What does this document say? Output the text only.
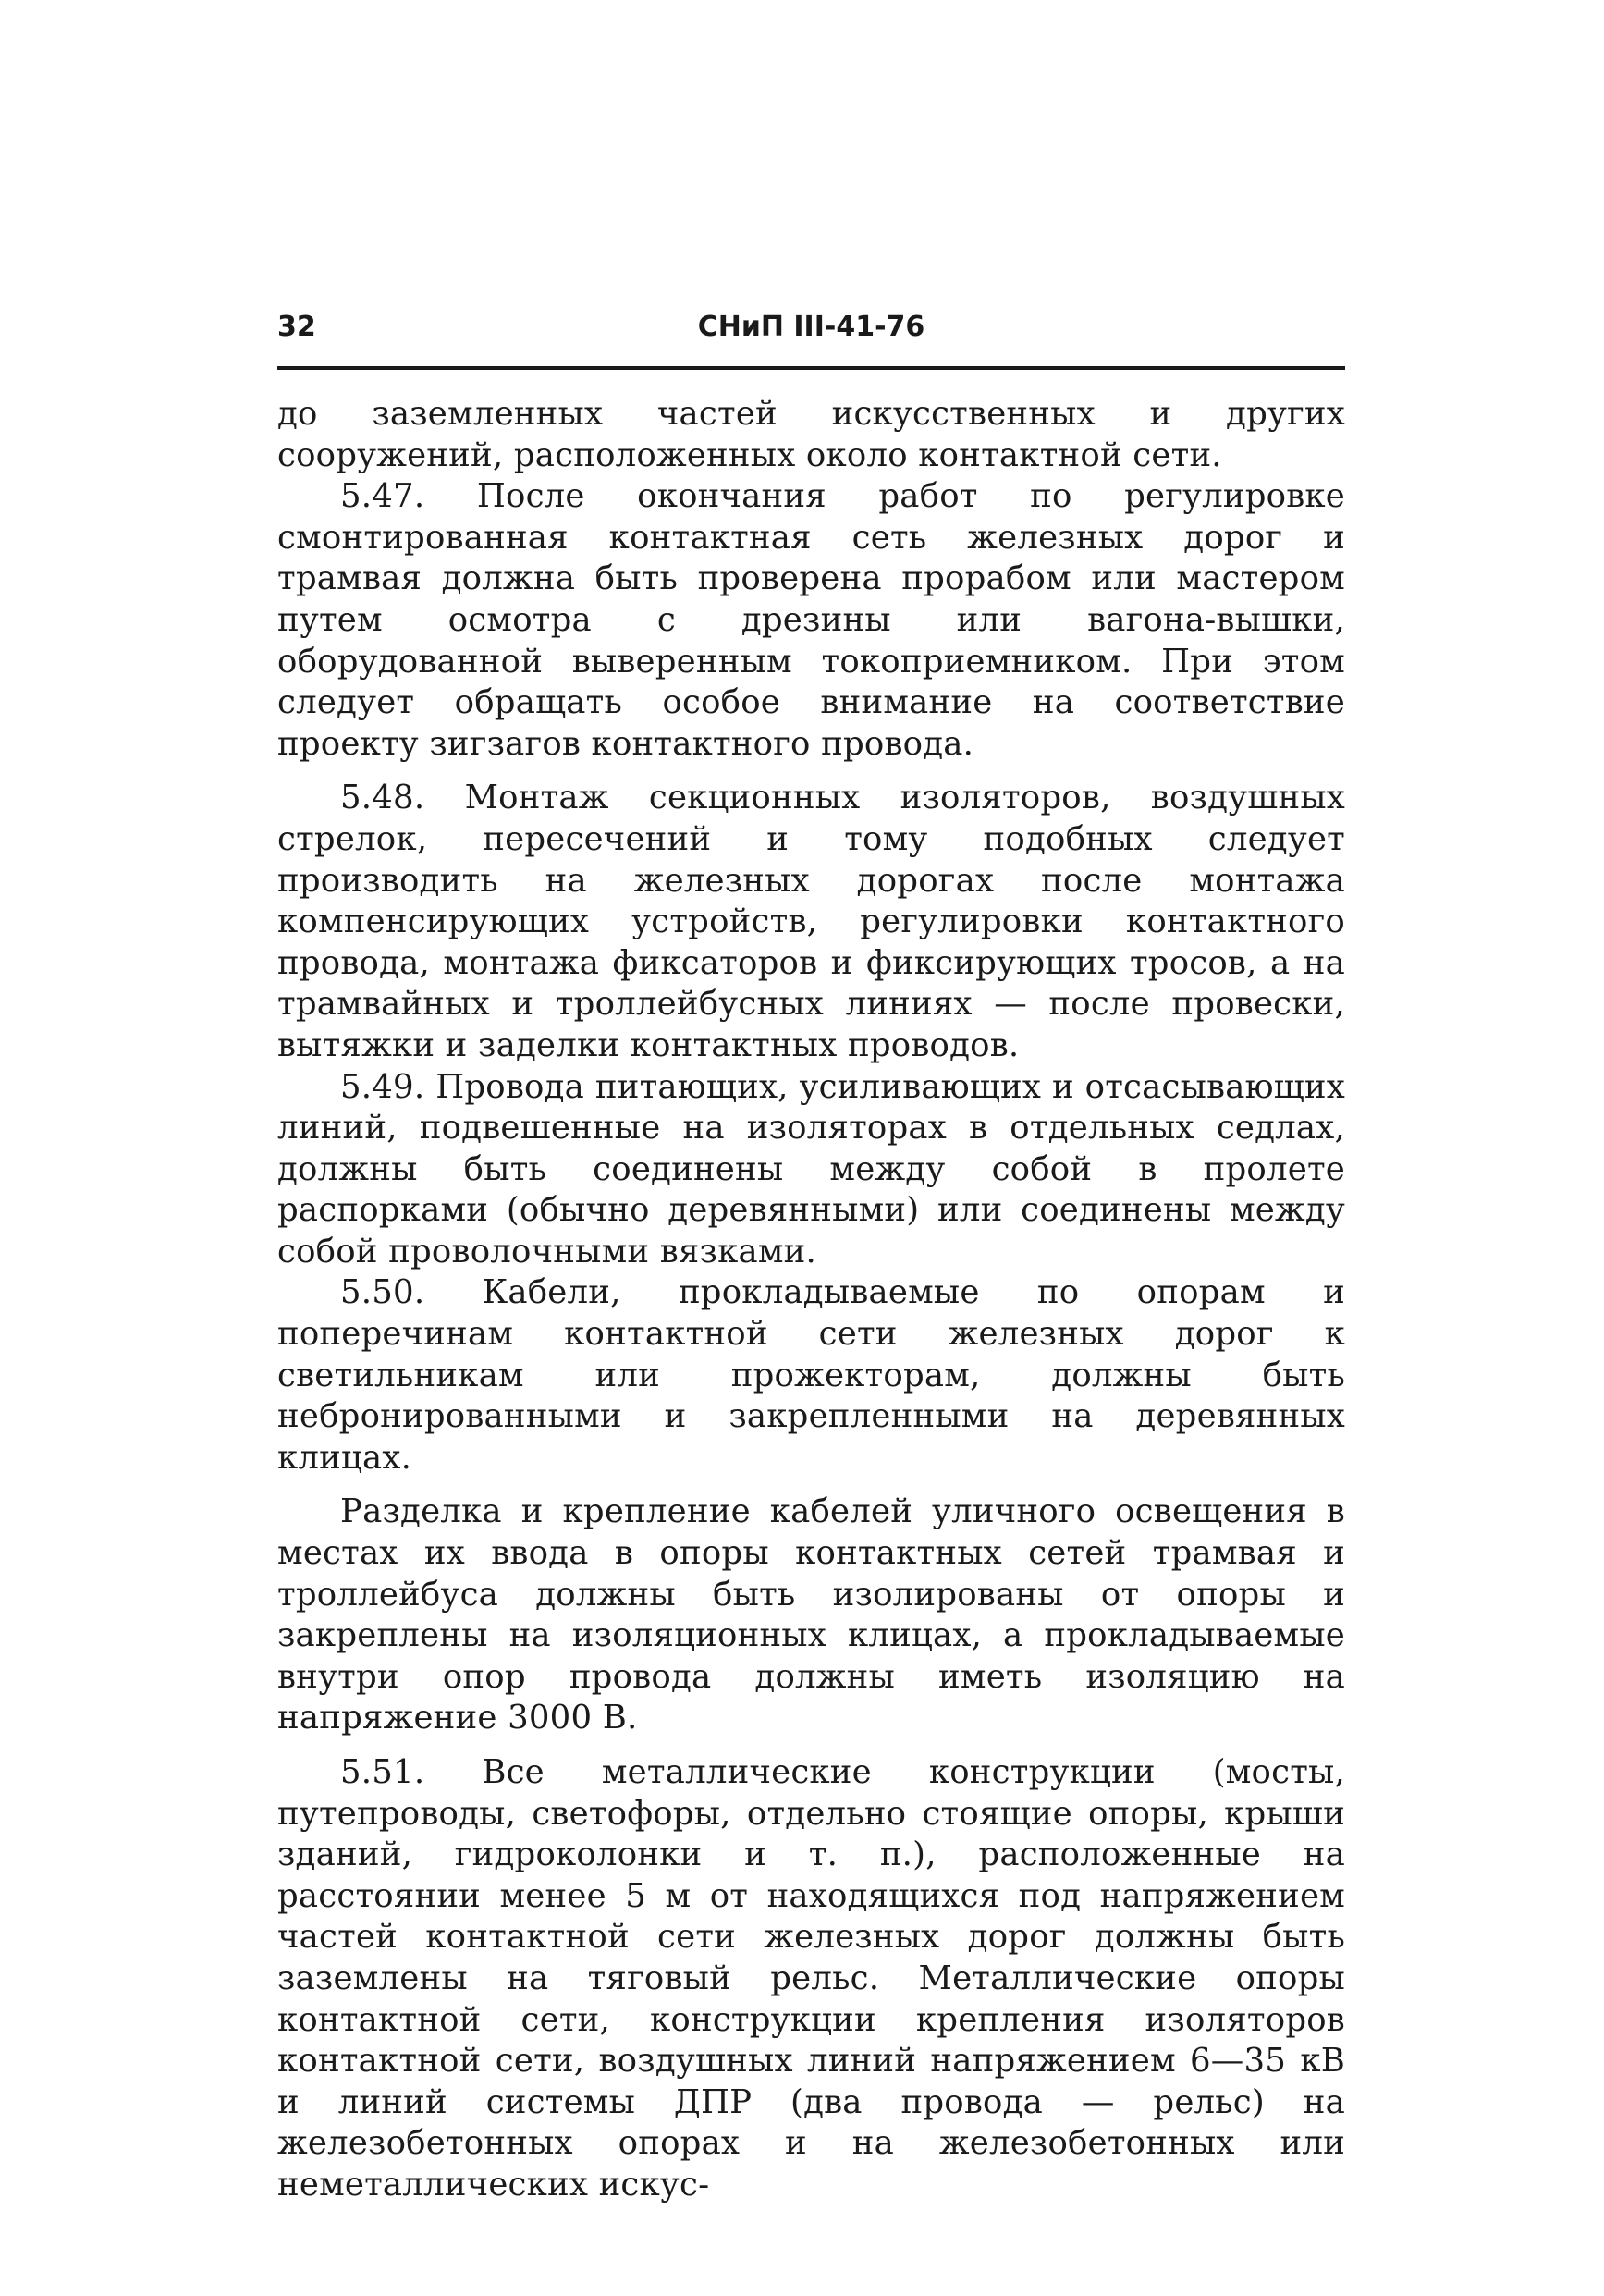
32	СНиП III-41-76

до заземленных частей искусственных и других сооружений, расположенных около контактной сети.

5.47. После окончания работ по регулировке смонтированная контактная сеть железных дорог и трамвая должна быть проверена прорабом или мастером путем осмотра с дрезины или вагона-вышки, оборудованной выверенным токоприемником. При этом следует обращать особое внимание на соответствие проекту зигзагов контактного провода.

5.48. Монтаж секционных изоляторов, воздушных стрелок, пересечений и тому подобных следует производить на железных дорогах после монтажа компенсирующих устройств, регулировки контактного провода, монтажа фиксаторов и фиксирующих тросов, а на трамвайных и троллейбусных линиях — после провески, вытяжки и заделки контактных проводов.

5.49. Провода питающих, усиливающих и отсасывающих линий, подвешенные на изоляторах в отдельных седлах, должны быть соединены между собой в пролете распорками (обычно деревянными) или соединены между собой проволочными вязками.

5.50. Кабели, прокладываемые по опорам и поперечинам контактной сети железных дорог к светильникам или прожекторам, должны быть небронированными и закрепленными на деревянных клицах.

Разделка и крепление кабелей уличного освещения в местах их ввода в опоры контактных сетей трамвая и троллейбуса должны быть изолированы от опоры и закреплены на изоляционных клицах, а прокладываемые внутри опор провода должны иметь изоляцию на напряжение 3000 В.

5.51. Все металлические конструкции (мосты, путепроводы, светофоры, отдельно стоящие опоры, крыши зданий, гидроколонки и т. п.), расположенные на расстоянии менее 5 м от находящихся под напряжением частей контактной сети железных дорог должны быть заземлены на тяговый рельс. Металлические опоры контактной сети, конструкции крепления изоляторов контактной сети, воздушных линий напряжением 6—35 кВ и линий системы ДПР (два провода — рельс) на железобетонных опорах и на железобетонных или неметаллических искус-
